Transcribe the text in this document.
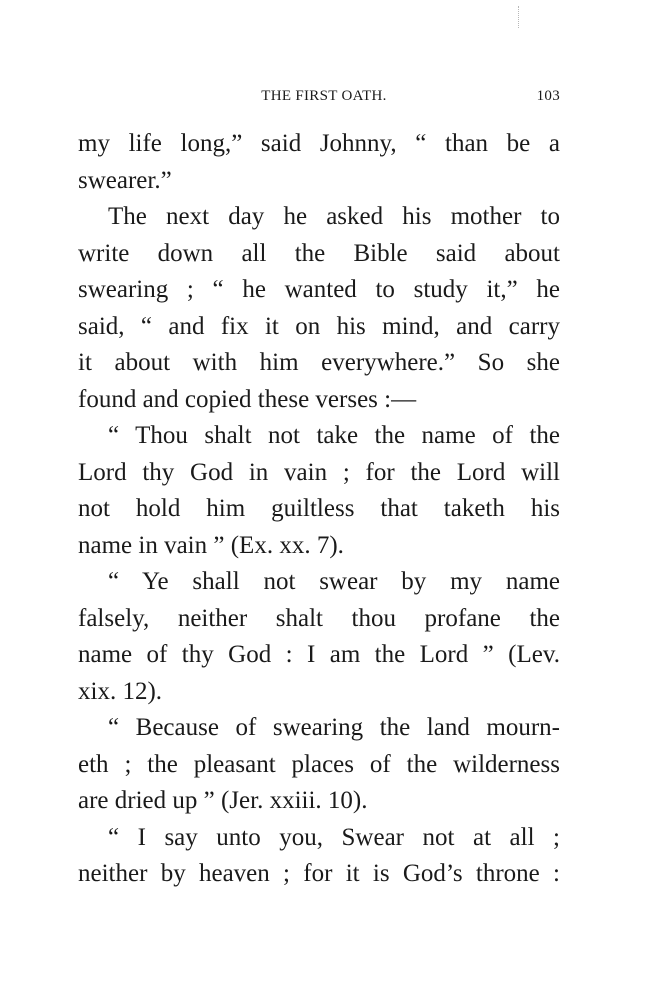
THE FIRST OATH.	103
my life long,” said Johnny, “ than be a
swearer.”
The next day he asked his mother to
write down all the Bible said about
swearing ; “ he wanted to study it,” he
said, “ and fix it on his mind, and carry
it about with him everywhere.” So she
found and copied these verses :—
“ Thou shalt not take the name of the
Lord thy God in vain ; for the Lord will
not hold him guiltless that taketh his
name in vain ” (Ex. xx. 7).
“ Ye shall not swear by my name
falsely, neither shalt thou profane the
name of thy God : I am the Lord ” (Lev.
xix. 12).
“ Because of swearing the land mourn-
eth ; the pleasant places of the wilderness
are dried up ” (Jer. xxiii. 10).
“ I say unto you, Swear not at all ;
neither by heaven ; for it is God’s throne :
